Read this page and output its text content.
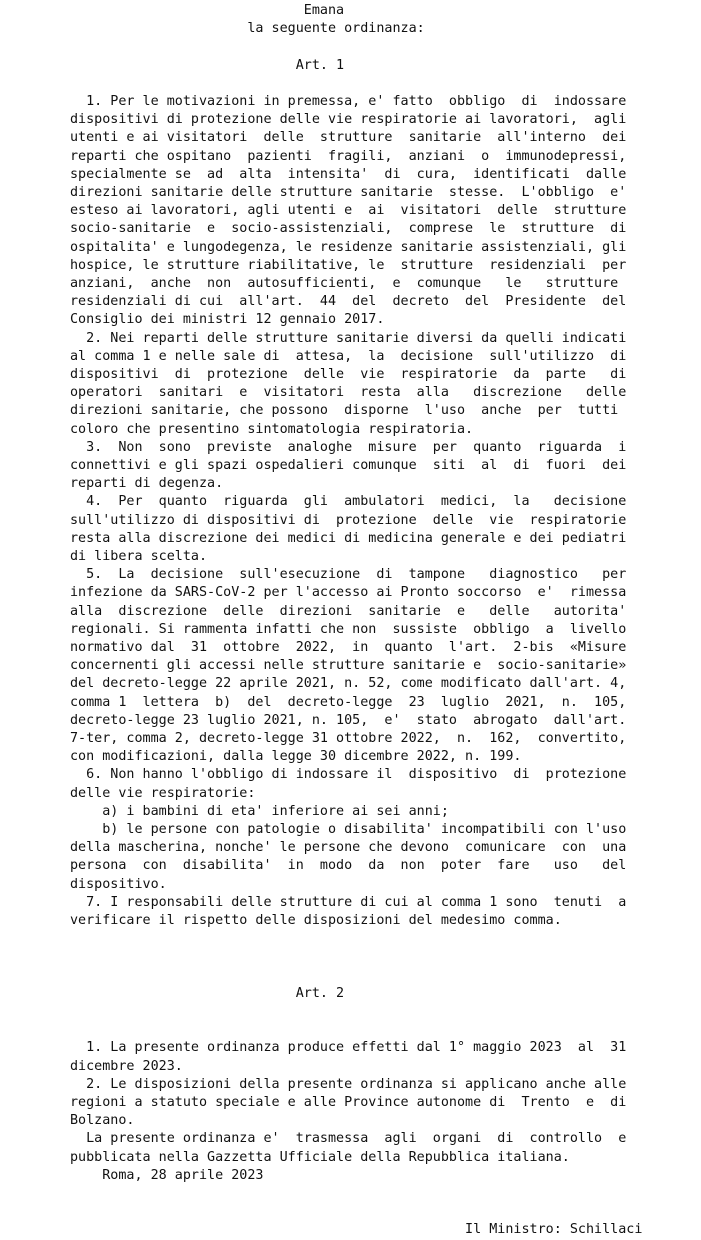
Emana
la seguente ordinanza:
Art. 1
1. Per le motivazioni in premessa, e' fatto  obbligo  di  indossare
dispositivi di protezione delle vie respiratorie ai lavoratori,  agli
utenti e ai visitatori  delle  strutture  sanitarie  all'interno  dei
reparti che ospitano  pazienti  fragili,  anziani  o  immunodepressi,
specialmente se  ad  alta  intensita'  di  cura,  identificati  dalle
direzioni sanitarie delle strutture sanitarie  stesse.  L'obbligo  e'
esteso ai lavoratori, agli utenti e  ai  visitatori  delle  strutture
socio-sanitarie  e  socio-assistenziali,  comprese  le  strutture  di
ospitalita' e lungodegenza, le residenze sanitarie assistenziali, gli
hospice, le strutture riabilitative, le  strutture  residenziali  per
anziani,  anche  non  autosufficienti,  e  comunque   le   strutture
residenziali di cui  all'art.  44  del  decreto  del  Presidente  del
Consiglio dei ministri 12 gennaio 2017.
2. Nei reparti delle strutture sanitarie diversi da quelli indicati
al comma 1 e nelle sale di  attesa,  la  decisione  sull'utilizzo  di
dispositivi  di  protezione  delle  vie  respiratorie  da  parte   di
operatori  sanitari  e  visitatori  resta  alla   discrezione   delle
direzioni sanitarie, che possono  disporne  l'uso  anche  per  tutti
coloro che presentino sintomatologia respiratoria.
3.  Non  sono  previste  analoghe  misure  per  quanto  riguarda  i
connettivi e gli spazi ospedalieri comunque  siti  al  di  fuori  dei
reparti di degenza.
4.  Per  quanto  riguarda  gli  ambulatori  medici,  la   decisione
sull'utilizzo di dispositivi di  protezione  delle  vie  respiratorie
resta alla discrezione dei medici di medicina generale e dei pediatri
di libera scelta.
5.  La  decisione  sull'esecuzione  di  tampone   diagnostico   per
infezione da SARS-CoV-2 per l'accesso ai Pronto soccorso  e'  rimessa
alla  discrezione  delle  direzioni  sanitarie  e   delle   autorita'
regionali. Si rammenta infatti che non  sussiste  obbligo  a  livello
normativo dal  31  ottobre  2022,  in  quanto  l'art.  2-bis  «Misure
concernenti gli accessi nelle strutture sanitarie e  socio-sanitarie»
del decreto-legge 22 aprile 2021, n. 52, come modificato dall'art. 4,
comma 1  lettera  b)  del  decreto-legge  23  luglio  2021,  n.  105,
decreto-legge 23 luglio 2021, n. 105,  e'  stato  abrogato  dall'art.
7-ter, comma 2, decreto-legge 31 ottobre 2022,  n.  162,  convertito,
con modificazioni, dalla legge 30 dicembre 2022, n. 199.
6. Non hanno l'obbligo di indossare il  dispositivo  di  protezione
delle vie respiratorie:
a) i bambini di eta' inferiore ai sei anni;
b) le persone con patologie o disabilita' incompatibili con l'uso
della mascherina, nonche' le persone che devono  comunicare  con  una
persona  con  disabilita'  in  modo  da  non  poter  fare   uso   del
dispositivo.
7. I responsabili delle strutture di cui al comma 1 sono  tenuti  a
verificare il rispetto delle disposizioni del medesimo comma.
Art. 2
1. La presente ordinanza produce effetti dal 1° maggio 2023  al  31
dicembre 2023.
2. Le disposizioni della presente ordinanza si applicano anche alle
regioni a statuto speciale e alle Province autonome di  Trento  e  di
Bolzano.
La presente ordinanza e'  trasmessa  agli  organi  di  controllo  e
pubblicata nella Gazzetta Ufficiale della Repubblica italiana.
Roma, 28 aprile 2023
Il Ministro: Schillaci
